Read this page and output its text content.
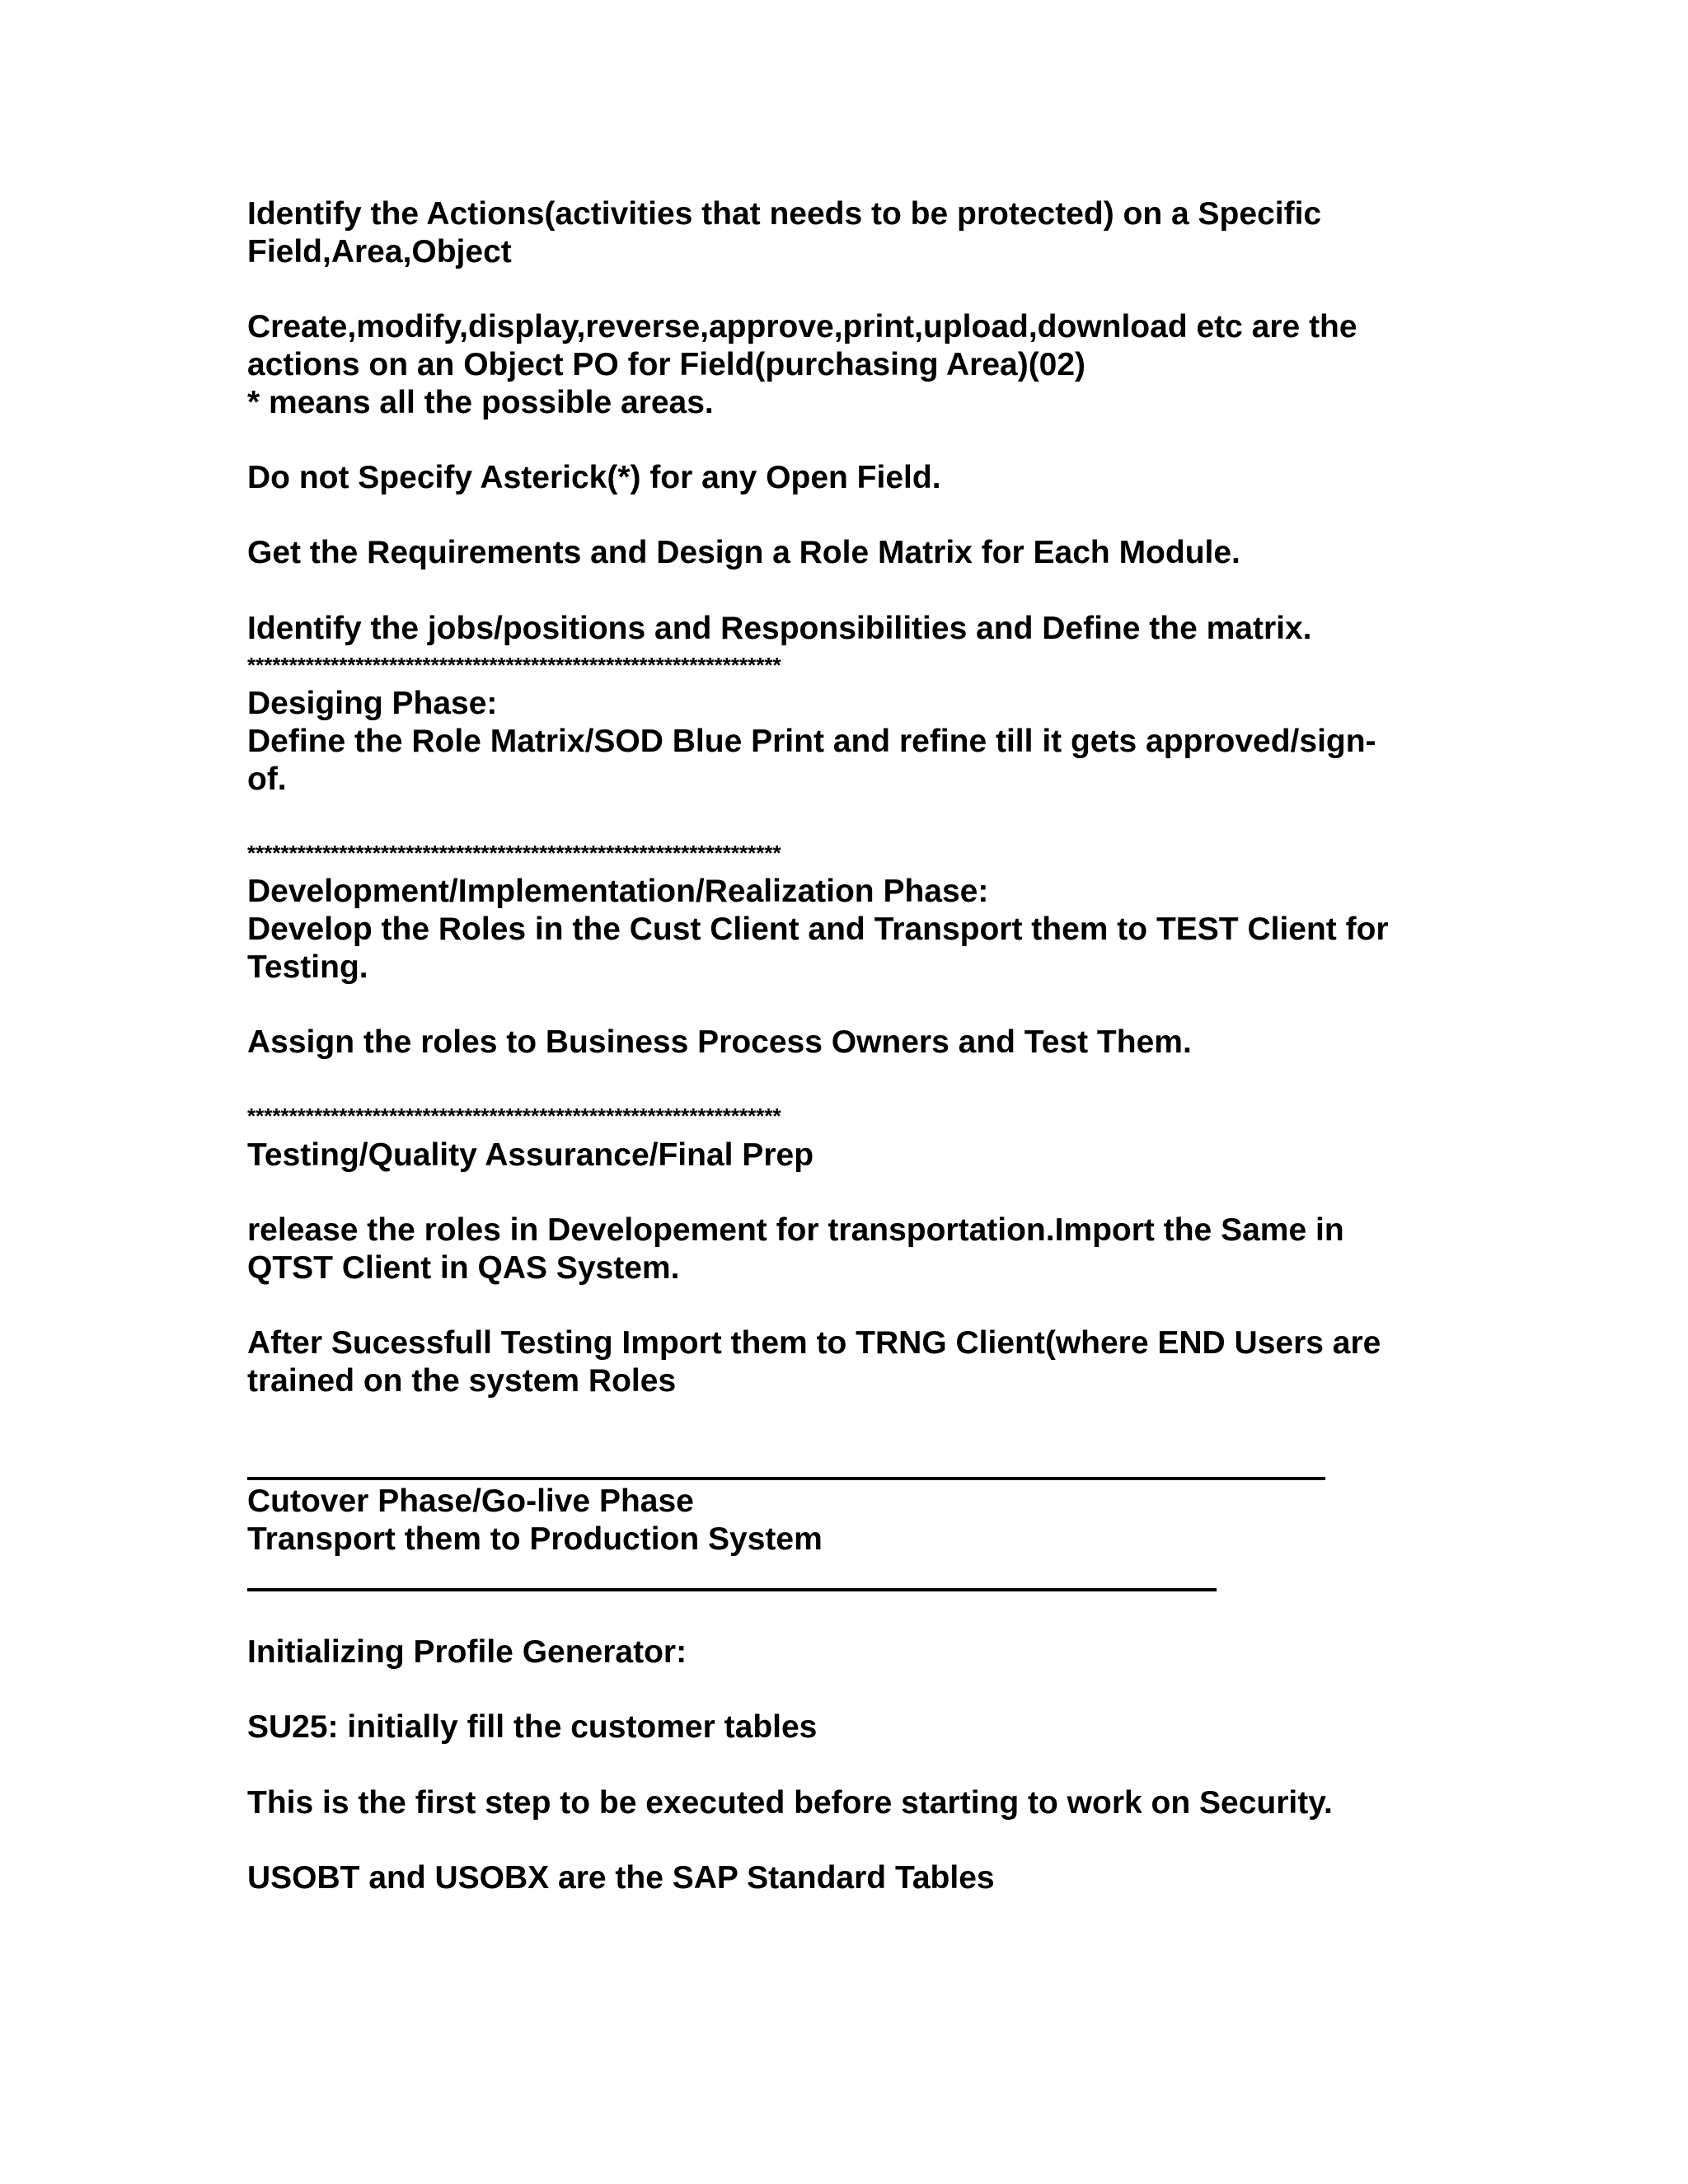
Identify the Actions(activities that needs to be protected) on a Specific

Field,Area,Object

Create,modify,display,reverse,approve,print,upload,download etc are the

actions on an Object PO for Field(purchasing Area)(02)

* means all the possible areas.

Do not Specify Asterick(*) for any Open Field.

Get the Requirements and Design a Role Matrix for Each Module.

Identify the jobs/positions and Responsibilities and Define the matrix.

****************************************************************

Desiging Phase:

Define the Role Matrix/SOD Blue Print and refine till it gets approved/sign-

of.

****************************************************************

Development/Implementation/Realization Phase:

Develop the Roles in the Cust Client and Transport them to TEST Client for

Testing.

Assign the roles to Business Process Owners and Test Them.

****************************************************************

Testing/Quality Assurance/Final Prep

release the roles in Developement for transportation.Import the Same in

QTST Client in QAS System.

After Sucessfull Testing Import them to TRNG Client(where END Users are

trained on the system Roles

Cutover Phase/Go-live Phase

Transport them to Production System

Initializing Profile Generator:

SU25: initially fill the customer tables

This is the first step to be executed before starting to work on Security.

USOBT and USOBX are the SAP Standard Tables
